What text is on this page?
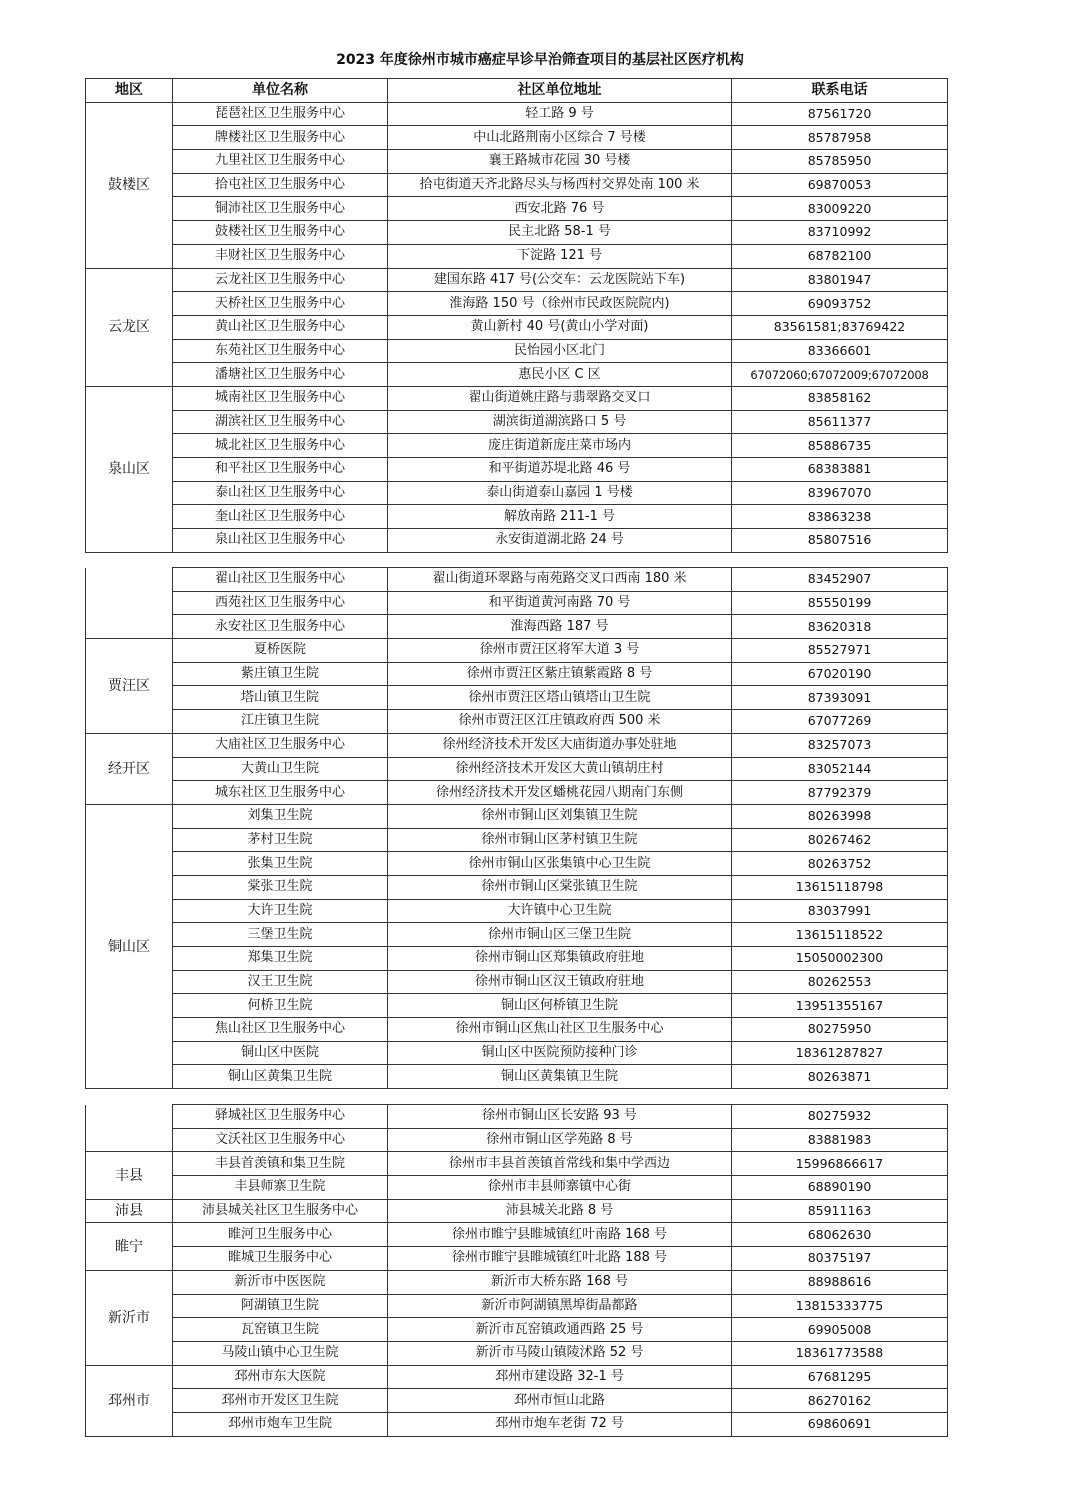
2023 年度徐州市城市癌症早诊早治筛查项目的基层社区医疗机构
地区	单位名称	社区单位地址	联系电话
鼓楼区	琵琶社区卫生服务中心	轻工路 9 号	87561720
	牌楼社区卫生服务中心	中山北路荆南小区综合 7 号楼	85787958
	九里社区卫生服务中心	襄王路城市花园 30 号楼	85785950
	拾屯社区卫生服务中心	拾屯街道天齐北路尽头与杨西村交界处南 100 米	69870053
	铜沛社区卫生服务中心	西安北路 76 号	83009220
	鼓楼社区卫生服务中心	民主北路 58-1 号	83710992
	丰财社区卫生服务中心	下淀路 121 号	68782100
云龙区	云龙社区卫生服务中心	建国东路 417 号(公交车：云龙医院站下车)	83801947
	天桥社区卫生服务中心	淮海路 150 号（徐州市民政医院院内)	69093752
	黄山社区卫生服务中心	黄山新村 40 号(黄山小学对面)	83561581;83769422
	东苑社区卫生服务中心	民怡园小区北门	83366601
	潘塘社区卫生服务中心	惠民小区 C 区	67072060;67072009;67072008
泉山区	城南社区卫生服务中心	翟山街道姚庄路与翡翠路交叉口	83858162
	湖滨社区卫生服务中心	湖滨街道湖滨路口 5 号	85611377
	城北社区卫生服务中心	庞庄街道新庞庄菜市场内	85886735
	和平社区卫生服务中心	和平街道苏堤北路 46 号	68383881
	泰山社区卫生服务中心	泰山街道泰山嘉园 1 号楼	83967070
	奎山社区卫生服务中心	解放南路 211-1 号	83863238
	泉山社区卫生服务中心	永安街道湖北路 24 号	85807516
	翟山社区卫生服务中心	翟山街道环翠路与南苑路交叉口西南 180 米	83452907
	西苑社区卫生服务中心	和平街道黄河南路 70 号	85550199
	永安社区卫生服务中心	淮海西路 187 号	83620318
贾汪区	夏桥医院	徐州市贾汪区将军大道 3 号	85527971
	紫庄镇卫生院	徐州市贾汪区紫庄镇紫霞路 8 号	67020190
	塔山镇卫生院	徐州市贾汪区塔山镇塔山卫生院	87393091
	江庄镇卫生院	徐州市贾汪区江庄镇政府西 500 米	67077269
经开区	大庙社区卫生服务中心	徐州经济技术开发区大庙街道办事处驻地	83257073
	大黄山卫生院	徐州经济技术开发区大黄山镇胡庄村	83052144
	城东社区卫生服务中心	徐州经济技术开发区蟠桃花园八期南门东侧	87792379
铜山区	刘集卫生院	徐州市铜山区刘集镇卫生院	80263998
	茅村卫生院	徐州市铜山区茅村镇卫生院	80267462
	张集卫生院	徐州市铜山区张集镇中心卫生院	80263752
	棠张卫生院	徐州市铜山区棠张镇卫生院	13615118798
	大许卫生院	大许镇中心卫生院	83037991
	三堡卫生院	徐州市铜山区三堡卫生院	13615118522
	郑集卫生院	徐州市铜山区郑集镇政府驻地	15050002300
	汉王卫生院	徐州市铜山区汉王镇政府驻地	80262553
	何桥卫生院	铜山区何桥镇卫生院	13951355167
	焦山社区卫生服务中心	徐州市铜山区焦山社区卫生服务中心	80275950
	铜山区中医院	铜山区中医院预防接种门诊	18361287827
	铜山区黄集卫生院	铜山区黄集镇卫生院	80263871
	驿城社区卫生服务中心	徐州市铜山区长安路 93 号	80275932
	文沃社区卫生服务中心	徐州市铜山区学苑路 8 号	83881983
丰县	丰县首羡镇和集卫生院	徐州市丰县首羡镇首常线和集中学西边	15996866617
	丰县师寨卫生院	徐州市丰县师寨镇中心街	68890190
沛县	沛县城关社区卫生服务中心	沛县城关北路 8 号	85911163
睢宁	睢河卫生服务中心	徐州市睢宁县睢城镇红叶南路 168 号	68062630
	睢城卫生服务中心	徐州市睢宁县睢城镇红叶北路 188 号	80375197
新沂市	新沂市中医医院	新沂市大桥东路 168 号	88988616
	阿湖镇卫生院	新沂市阿湖镇黑埠街晶都路	13815333775
	瓦窑镇卫生院	新沂市瓦窑镇政通西路 25 号	69905008
	马陵山镇中心卫生院	新沂市马陵山镇陵沭路 52 号	18361773588
邳州市	邳州市东大医院	邳州市建设路 32-1 号	67681295
	邳州市开发区卫生院	邳州市恒山北路	86270162
	邳州市炮车卫生院	邳州市炮车老街 72 号	69860691
